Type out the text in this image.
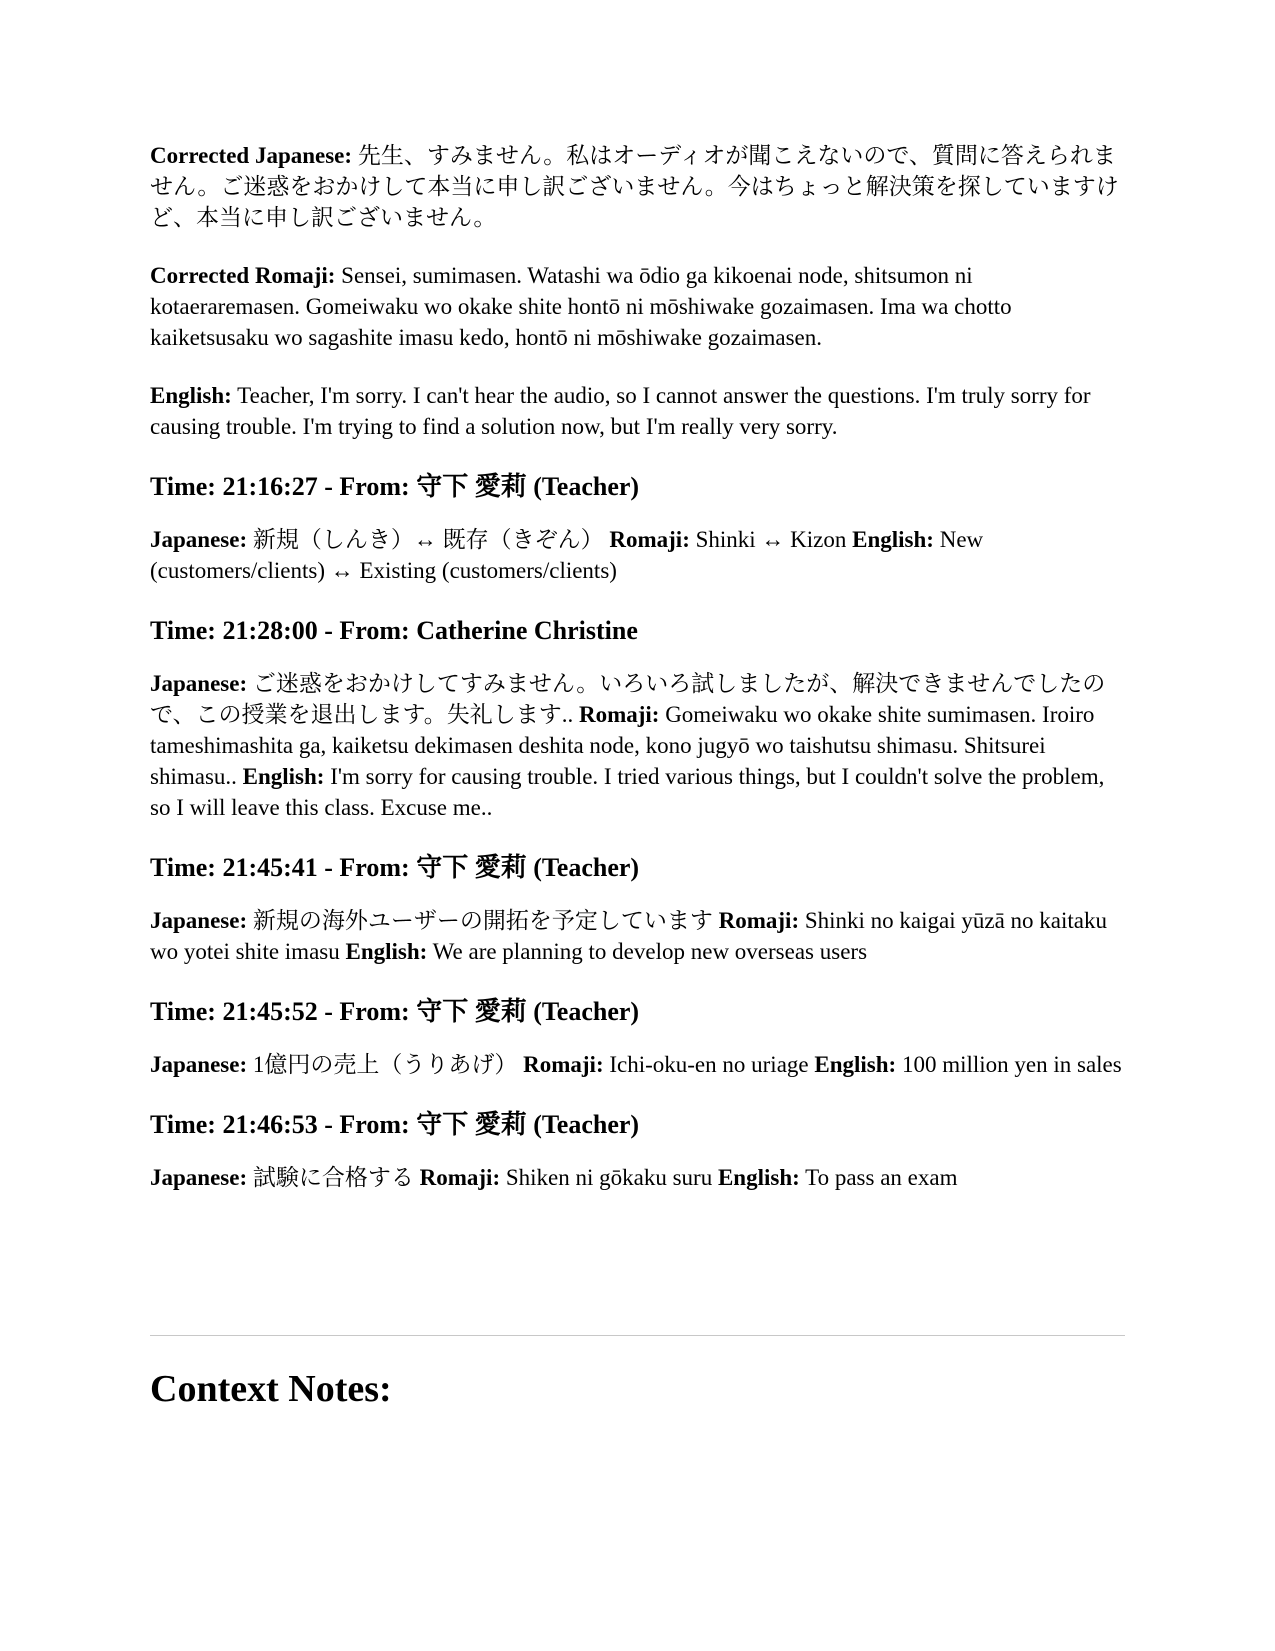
Corrected Japanese: 先生、すみません。私はオーディオが聞こえないので、質問に答えられません。ご迷惑をおかけして本当に申し訳ございません。今はちょっと解決策を探していますけど、本当に申し訳ございません。

Corrected Romaji: Sensei, sumimasen. Watashi wa ōdio ga kikoenai node, shitsumon ni kotaeraremasen. Gomeiwaku wo okake shite hontō ni mōshiwake gozaimasen. Ima wa chotto kaiketsusaku wo sagashite imasu kedo, hontō ni mōshiwake gozaimasen.

English: Teacher, I'm sorry. I can't hear the audio, so I cannot answer the questions. I'm truly sorry for causing trouble. I'm trying to find a solution now, but I'm really very sorry.

Time: 21:16:27 - From: 守下 愛莉 (Teacher)

Japanese: 新規（しんき）↔ 既存（きぞん） Romaji: Shinki ↔ Kizon English: New (customers/clients) ↔ Existing (customers/clients)

Time: 21:28:00 - From: Catherine Christine

Japanese: ご迷惑をおかけしてすみません。いろいろ試しましたが、解決できませんでしたので、この授業を退出します。失礼します.. Romaji: Gomeiwaku wo okake shite sumimasen. Iroiro tameshimashita ga, kaiketsu dekimasen deshita node, kono jugyō wo taishutsu shimasu. Shitsurei shimasu.. English: I'm sorry for causing trouble. I tried various things, but I couldn't solve the problem, so I will leave this class. Excuse me..

Time: 21:45:41 - From: 守下 愛莉 (Teacher)

Japanese: 新規の海外ユーザーの開拓を予定しています Romaji: Shinki no kaigai yūzā no kaitaku wo yotei shite imasu English: We are planning to develop new overseas users

Time: 21:45:52 - From: 守下 愛莉 (Teacher)

Japanese: 1億円の売上（うりあげ） Romaji: Ichi-oku-en no uriage English: 100 million yen in sales

Time: 21:46:53 - From: 守下 愛莉 (Teacher)

Japanese: 試験に合格する Romaji: Shiken ni gōkaku suru English: To pass an exam

Context Notes:
